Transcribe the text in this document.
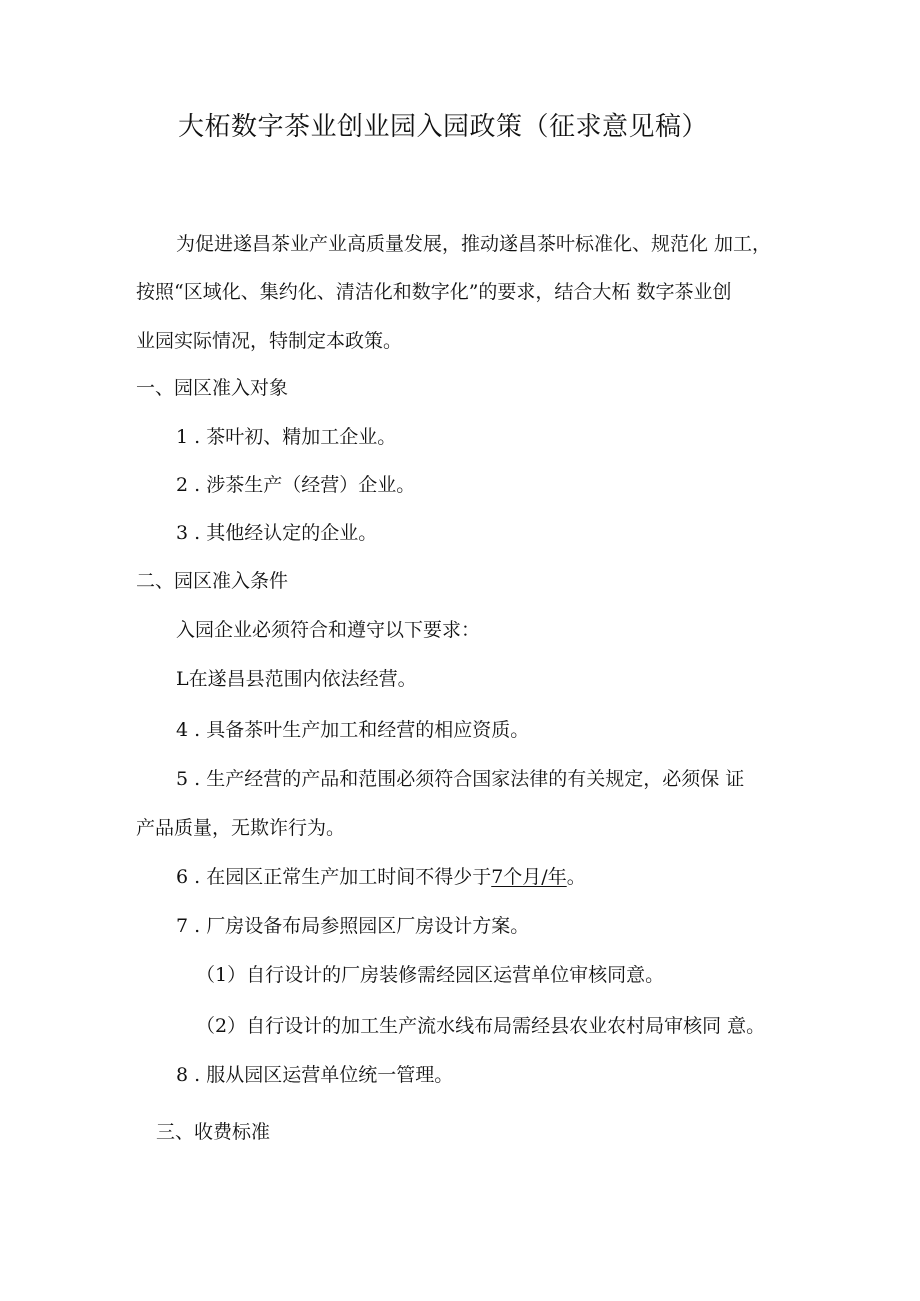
大柘数字茶业创业园入园政策（征求意见稿）
为促进遂昌茶业产业高质量发展，推动遂昌茶叶标准化、规范化 加工，
按照“区域化、集约化、清洁化和数字化”的要求，结合大柘 数字茶业创
业园实际情况，特制定本政策。
一、园区准入对象
1 . 茶叶初、精加工企业。
2 . 涉茶生产（经营）企业。
3 . 其他经认定的企业。
二、园区准入条件
入园企业必须符合和遵守以下要求：
L在遂昌县范围内依法经营。
4 . 具备茶叶生产加工和经营的相应资质。
5 . 生产经营的产品和范围必须符合国家法律的有关规定，必须保 证
产品质量，无欺诈行为。
6 . 在园区正常生产加工时间不得少于7个月/年。
7 . 厂房设备布局参照园区厂房设计方案。
（1）自行设计的厂房装修需经园区运营单位审核同意。
（2）自行设计的加工生产流水线布局需经县农业农村局审核同 意。
8 . 服从园区运营单位统一管理。
三、收费标准
